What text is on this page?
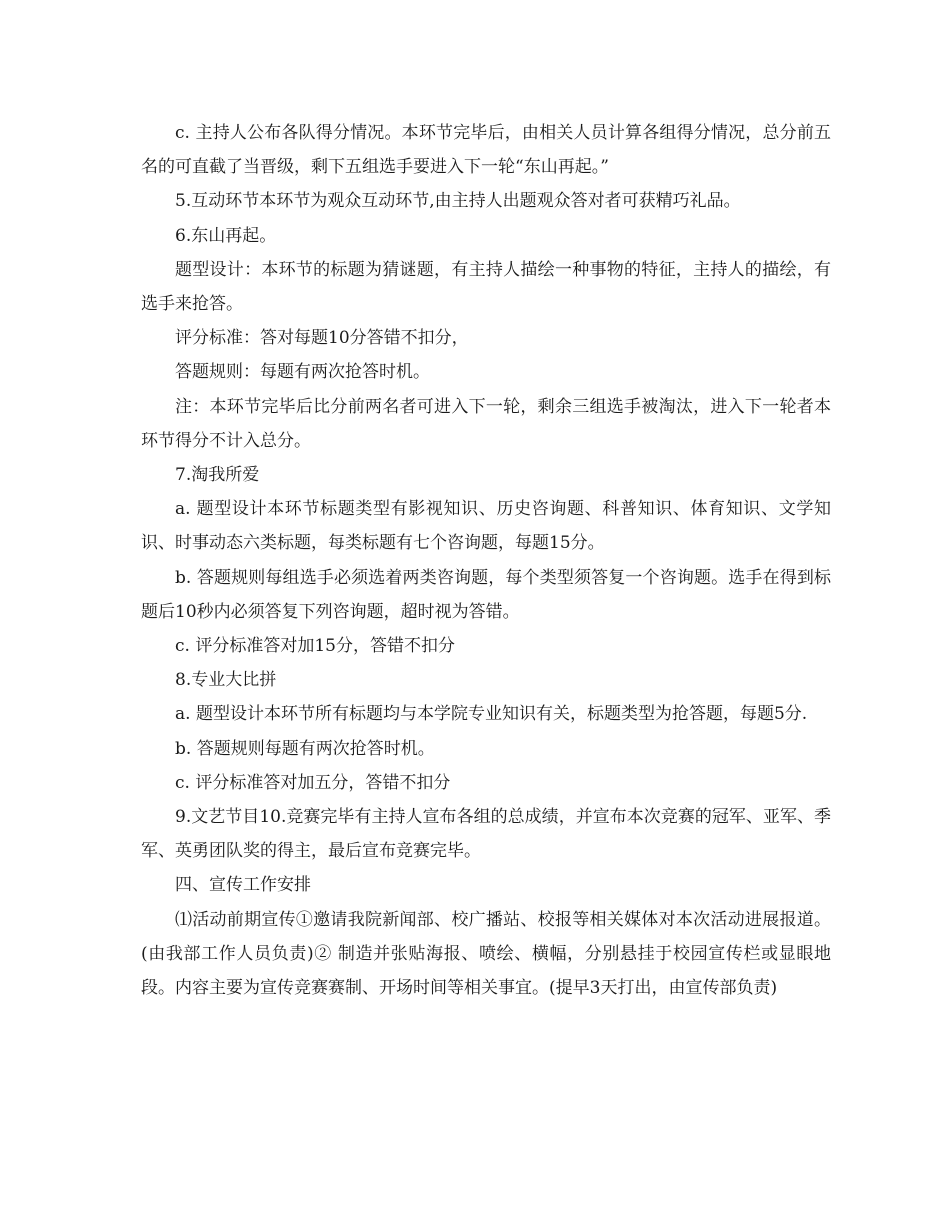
c. 主持人公布各队得分情况。本环节完毕后，由相关人员计算各组得分情况，总分前五名的可直截了当晋级，剩下五组选手要进入下一轮“东山再起。”

5.互动环节本环节为观众互动环节,由主持人出题观众答对者可获精巧礼品。

6.东山再起。

题型设计：本环节的标题为猜谜题，有主持人描绘一种事物的特征，主持人的描绘，有选手来抢答。

评分标准：答对每题10分答错不扣分，

答题规则：每题有两次抢答时机。

注：本环节完毕后比分前两名者可进入下一轮，剩余三组选手被淘汰，进入下一轮者本环节得分不计入总分。

7.淘我所爱

a. 题型设计本环节标题类型有影视知识、历史咨询题、科普知识、体育知识、文学知识、时事动态六类标题，每类标题有七个咨询题，每题15分。

b. 答题规则每组选手必须选着两类咨询题，每个类型须答复一个咨询题。选手在得到标题后10秒内必须答复下列咨询题，超时视为答错。

c. 评分标准答对加15分，答错不扣分

8.专业大比拼

a. 题型设计本环节所有标题均与本学院专业知识有关，标题类型为抢答题，每题5分.

b. 答题规则每题有两次抢答时机。

c. 评分标准答对加五分，答错不扣分

9.文艺节目10.竞赛完毕有主持人宣布各组的总成绩，并宣布本次竞赛的冠军、亚军、季军、英勇团队奖的得主，最后宣布竞赛完毕。

四、宣传工作安排

⑴活动前期宣传①邀请我院新闻部、校广播站、校报等相关媒体对本次活动进展报道。(由我部工作人员负责)② 制造并张贴海报、喷绘、横幅，分别悬挂于校园宣传栏或显眼地段。内容主要为宣传竞赛赛制、开场时间等相关事宜。(提早3天打出，由宣传部负责)
